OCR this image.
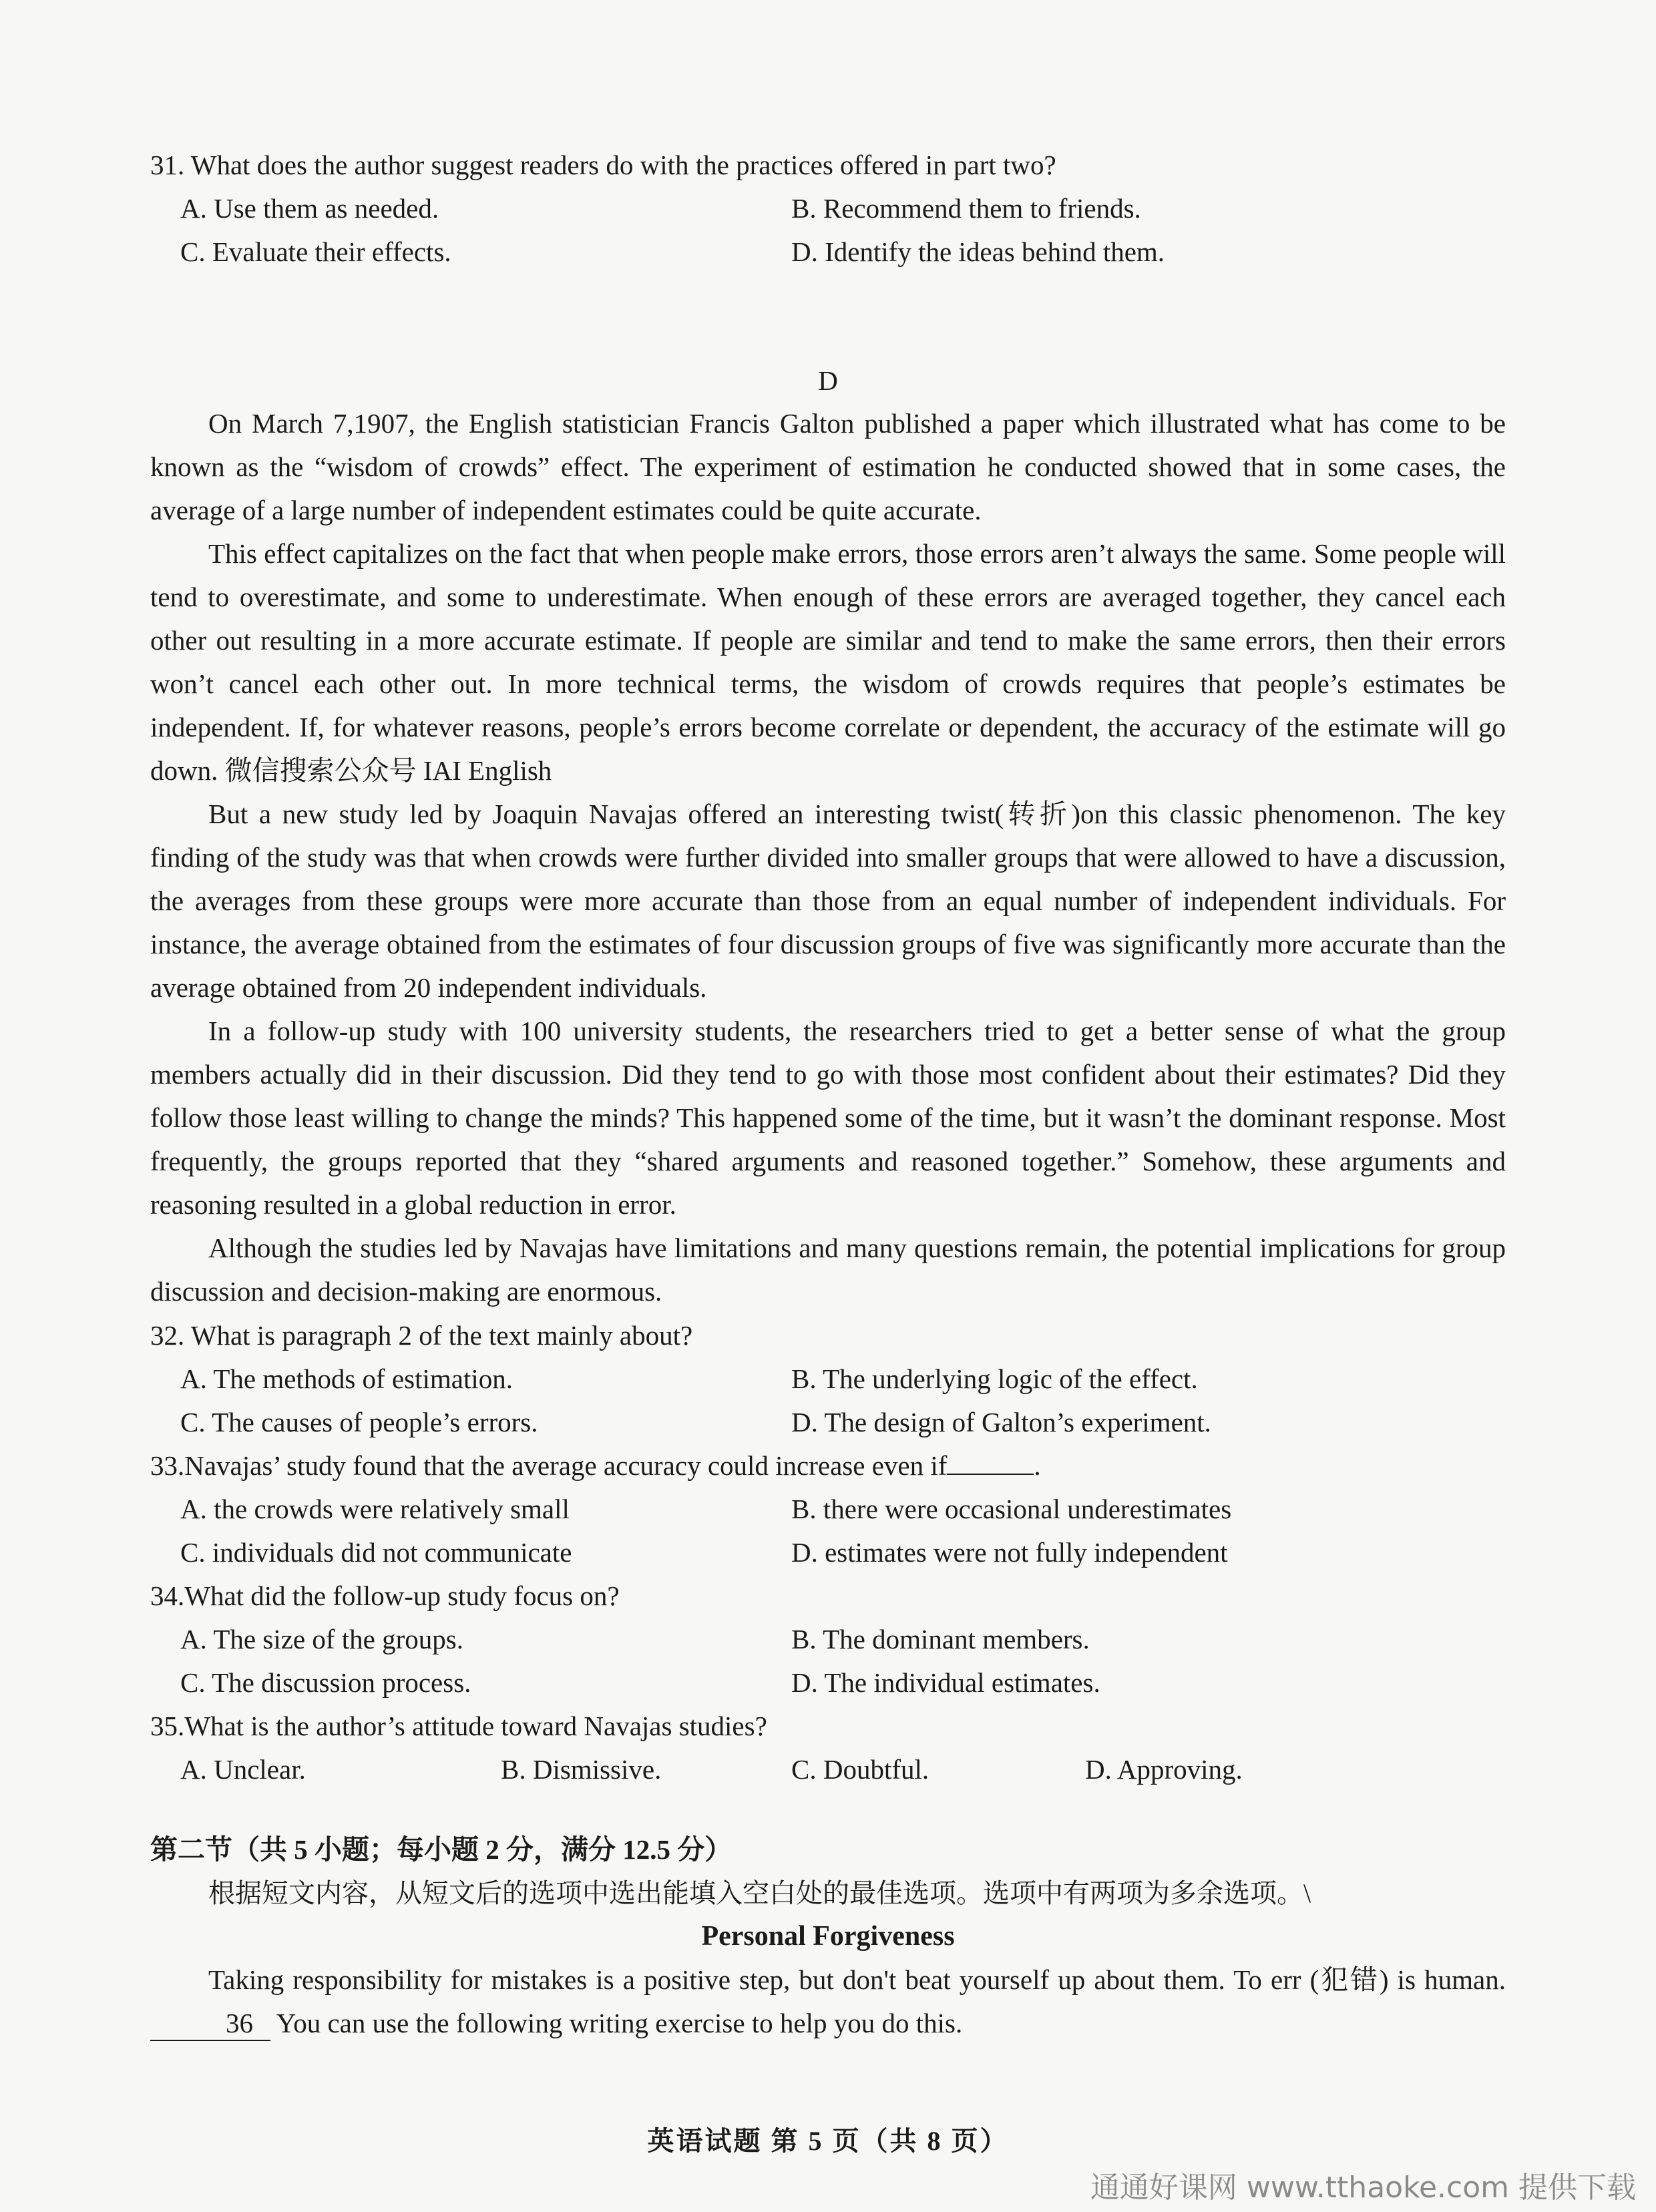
31. What does the author suggest readers do with the practices offered in part two?
A. Use them as needed.	B. Recommend them to friends.
C. Evaluate their effects.	D. Identify the ideas behind them.
D

On March 7,1907, the English statistician Francis Galton published a paper which illustrated what has come to be known as the “wisdom of crowds” effect. The experiment of estimation he conducted showed that in some cases, the average of a large number of independent estimates could be quite accurate.

This effect capitalizes on the fact that when people make errors, those errors aren’t always the same. Some people will tend to overestimate, and some to underestimate. When enough of these errors are averaged together, they cancel each other out resulting in a more accurate estimate. If people are similar and tend to make the same errors, then their errors won’t cancel each other out. In more technical terms, the wisdom of crowds requires that people’s estimates be independent. If, for whatever reasons, people’s errors become correlate or dependent, the accuracy of the estimate will go down. 微信搜索公众号 IAI English

But a new study led by Joaquin Navajas offered an interesting twist(转折)on this classic phenomenon. The key finding of the study was that when crowds were further divided into smaller groups that were allowed to have a discussion, the averages from these groups were more accurate than those from an equal number of independent individuals. For instance, the average obtained from the estimates of four discussion groups of five was significantly more accurate than the average obtained from 20 independent individuals.

In a follow-up study with 100 university students, the researchers tried to get a better sense of what the group members actually did in their discussion. Did they tend to go with those most confident about their estimates? Did they follow those least willing to change the minds? This happened some of the time, but it wasn’t the dominant response. Most frequently, the groups reported that they “shared arguments and reasoned together.” Somehow, these arguments and reasoning resulted in a global reduction in error.

Although the studies led by Navajas have limitations and many questions remain, the potential implications for group discussion and decision-making are enormous.

32. What is paragraph 2 of the text mainly about?
A. The methods of estimation.	B. The underlying logic of the effect.
C. The causes of people’s errors.	D. The design of Galton’s experiment.
33.Navajas’ study found that the average accuracy could increase even if	.
A. the crowds were relatively small	B. there were occasional underestimates
C. individuals did not communicate	D. estimates were not fully independent
34.What did the follow-up study focus on?
A. The size of the groups.	B. The dominant members.
C. The discussion process.	D. The individual estimates.
35.What is the author’s attitude toward Navajas studies?
A. Unclear.	B. Dismissive.	C. Doubtful.	D. Approving.
第二节（共 5 小题；每小题 2 分，满分 12.5 分）
根据短文内容，从短文后的选项中选出能填入空白处的最佳选项。选项中有两项为多余选项。\
Personal Forgiveness

Taking responsibility for mistakes is a positive step, but don't beat yourself up about them. To err (犯错) is human. 36 You can use the following writing exercise to help you do this.

英语试题 第 5 页（共 8 页）
通通好课网 www.tthaoke.com 提供下载
